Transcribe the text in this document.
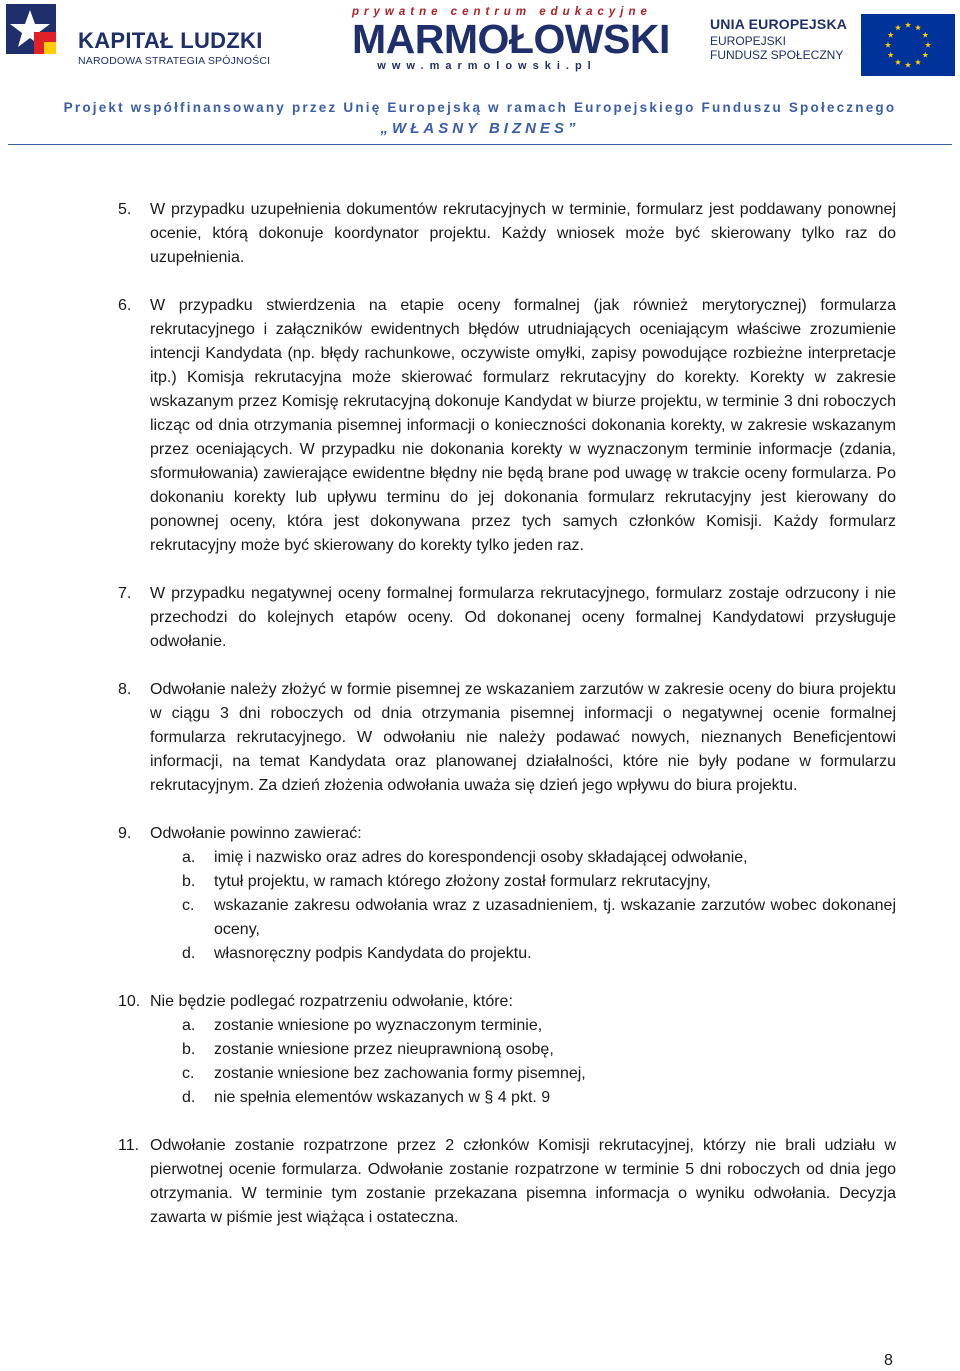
KAPITAŁ LUDZKI
NARODOWA STRATEGIA SPÓJNOŚCI
prywatne centrum edukacyjne
MARMOŁOWSKI
www.marmolowski.pl
UNIA EUROPEJSKA
EUROPEJSKI
FUNDUSZ SPOŁECZNY
Projekt współfinansowany przez Unię Europejską w ramach Europejskiego Funduszu Społecznego
„WŁASNY BIZNES”
5. W przypadku uzupełnienia dokumentów rekrutacyjnych w terminie, formularz jest poddawany ponownej ocenie, którą dokonuje koordynator projektu. Każdy wniosek może być skierowany tylko raz do uzupełnienia.
6. W przypadku stwierdzenia na etapie oceny formalnej (jak również merytorycznej) formularza rekrutacyjnego i załączników ewidentnych błędów utrudniających oceniającym właściwe zrozumienie intencji Kandydata (np. błędy rachunkowe, oczywiste omyłki, zapisy powodujące rozbieżne interpretacje itp.) Komisja rekrutacyjna może skierować formularz rekrutacyjny do korekty. Korekty w zakresie wskazanym przez Komisję rekrutacyjną dokonuje Kandydat w biurze projektu, w terminie 3 dni roboczych licząc od dnia otrzymania pisemnej informacji o konieczności dokonania korekty, w zakresie wskazanym przez oceniających. W przypadku nie dokonania korekty w wyznaczonym terminie informacje (zdania, sformułowania) zawierające ewidentne błędny nie będą brane pod uwagę w trakcie oceny formularza. Po dokonaniu korekty lub upływu terminu do jej dokonania formularz rekrutacyjny jest kierowany do ponownej oceny, która jest dokonywana przez tych samych członków Komisji. Każdy formularz rekrutacyjny może być skierowany do korekty tylko jeden raz.
7. W przypadku negatywnej oceny formalnej formularza rekrutacyjnego, formularz zostaje odrzucony i nie przechodzi do kolejnych etapów oceny. Od dokonanej oceny formalnej Kandydatowi przysługuje odwołanie.
8. Odwołanie należy złożyć w formie pisemnej ze wskazaniem zarzutów w zakresie oceny do biura projektu w ciągu 3 dni roboczych od dnia otrzymania pisemnej informacji o negatywnej ocenie formalnej formularza rekrutacyjnego. W odwołaniu nie należy podawać nowych, nieznanych Beneficjentowi informacji, na temat Kandydata oraz planowanej działalności, które nie były podane w formularzu rekrutacyjnym. Za dzień złożenia odwołania uważa się dzień jego wpływu do biura projektu.
9. Odwołanie powinno zawierać:
a. imię i nazwisko oraz adres do korespondencji osoby składającej odwołanie,
b. tytuł projektu, w ramach którego złożony został formularz rekrutacyjny,
c. wskazanie zakresu odwołania wraz z uzasadnieniem, tj. wskazanie zarzutów wobec dokonanej oceny,
d. własnoręczny podpis Kandydata do projektu.
10. Nie będzie podlegać rozpatrzeniu odwołanie, które:
a. zostanie wniesione po wyznaczonym terminie,
b. zostanie wniesione przez nieuprawnioną osobę,
c. zostanie wniesione bez zachowania formy pisemnej,
d. nie spełnia elementów wskazanych w § 4 pkt. 9
11. Odwołanie zostanie rozpatrzone przez 2 członków Komisji rekrutacyjnej, którzy nie brali udziału w pierwotnej ocenie formularza. Odwołanie zostanie rozpatrzone w terminie 5 dni roboczych od dnia jego otrzymania. W terminie tym zostanie przekazana pisemna informacja o wyniku odwołania. Decyzja zawarta w piśmie jest wiążąca i ostateczna.
8
